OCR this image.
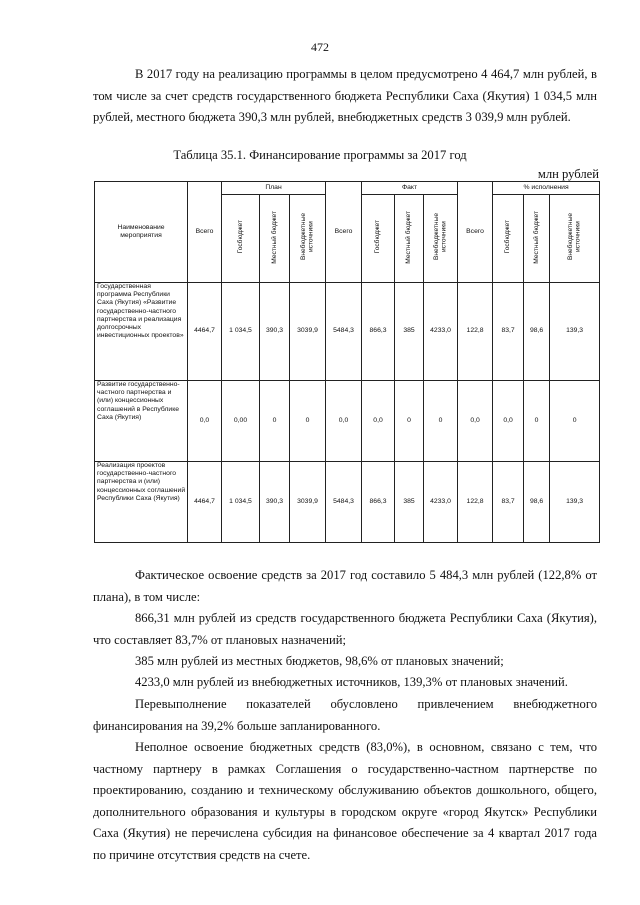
472

В 2017 году на реализацию программы в целом предусмотрено 4 464,7 млн рублей, в том числе за счет средств государственного бюджета Республики Саха (Якутия) 1 034,5 млн рублей, местного бюджета 390,3 млн рублей, внебюджетных средств 3 039,9 млн рублей.

Таблица 35.1. Финансирование программы за 2017 год
млн рублей
Наименование мероприятия	Всего	План			Всего	Факт			Всего	% исполнения		
		Госбюджет	Местный бюджет	Внебюджетные источники		Госбюджет	Местный бюджет	Внебюджетные источники		Госбюджет	Местный бюджет	Внебюджетные источники
Государственная программа Республики Саха (Якутия) «Развитие государственно-частного партнерства и реализация долгосрочных инвестиционных проектов»	4464,7	1 034,5	390,3	3039,9	5484,3	866,3	385	4233,0	122,8	83,7	98,6	139,3
Развитие государственно-частного партнерства и (или) концессионных соглашений в Республике Саха (Якутия)	0,0	0,00	0	0	0,0	0,0	0	0	0,0	0,0	0	0
Реализация проектов государственно-частного партнерства и (или) концессионных соглашений Республики Саха (Якутия)	4464,7	1 034,5	390,3	3039,9	5484,3	866,3	385	4233,0	122,8	83,7	98,6	139,3

Фактическое освоение средств за 2017 год составило 5 484,3 млн рублей (122,8% от плана), в том числе:

866,31 млн рублей из средств государственного бюджета Республики Саха (Якутия), что составляет 83,7% от плановых назначений;

385 млн рублей из местных бюджетов, 98,6% от плановых значений;

4233,0 млн рублей из внебюджетных источников, 139,3% от плановых значений.

Перевыполнение показателей обусловлено привлечением внебюджетного финансирования на 39,2% больше запланированного.

Неполное освоение бюджетных средств (83,0%), в основном, связано с тем, что частному партнеру в рамках Соглашения о государственно-частном партнерстве по проектированию, созданию и техническому обслуживанию объектов дошкольного, общего, дополнительного образования и культуры в городском округе «город Якутск» Республики Саха (Якутия) не перечислена субсидия на финансовое обеспечение за 4 квартал 2017 года по причине отсутствия средств на счете.
